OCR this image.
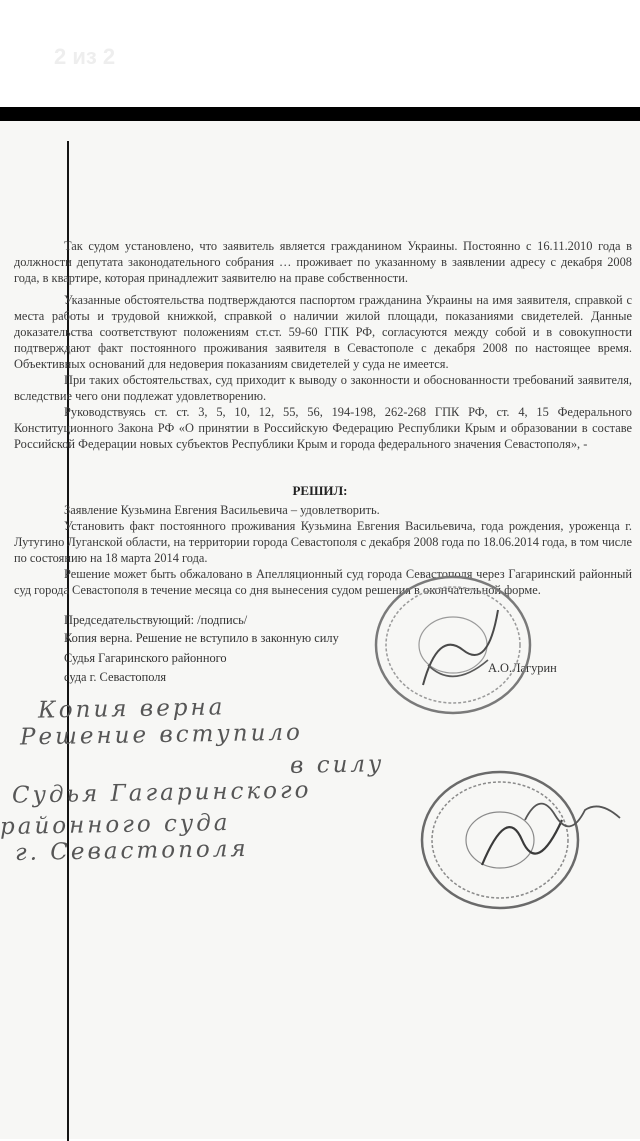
2 из 2

Так судом установлено, что заявитель является гражданином Украины. Постоянно с 16.11.2010 года в должности депутата законодательного собрания … проживает по указанному в заявлении адресу с декабря 2008 года, в квартире, которая принадлежит заявителю на праве собственности.

Указанные обстоятельства подтверждаются паспортом гражданина Украины на имя заявителя, справкой с места работы и трудовой книжкой, справкой о наличии жилой площади, показаниями свидетелей. Данные доказательства соответствуют положениям ст.ст. 59-60 ГПК РФ, согласуются между собой и в совокупности подтверждают факт постоянного проживания заявителя в Севастополе с декабря 2008 по настоящее время. Объективных оснований для недоверия показаниям свидетелей у суда не имеется.

При таких обстоятельствах, суд приходит к выводу о законности и обоснованности требований заявителя, вследствие чего они подлежат удовлетворению.

Руководствуясь ст. ст. 3, 5, 10, 12, 55, 56, 194-198, 262-268 ГПК РФ, ст. 4, 15 Федерального Конституционного Закона РФ «О принятии в Российскую Федерацию Республики Крым и образовании в составе Российской Федерации новых субъектов Республики Крым и города федерального значения Севастополя», -

РЕШИЛ:

Заявление Кузьмина Евгения Васильевича – удовлетворить.

Установить факт постоянного проживания Кузьмина Евгения Васильевича, года рождения, уроженца г. Лутугино Луганской области, на территории города Севастополя с декабря 2008 года по 18.06.2014 года, в том числе по состоянию на 18 марта 2014 года.

Решение может быть обжаловано в Апелляционный суд города Севастополя через Гагаринский районный суд города Севастополя в течение месяца со дня вынесения судом решения в окончательной форме.

Председательствующий: /подпись/
Копия верна. Решение не вступило в законную силу
Судья Гагаринского районного
суда г. Севастополя
А.О.Лагурин
Копия верна
Решение вступило
в силу
Судья Гагаринского
районного суда
г. Севастополя
